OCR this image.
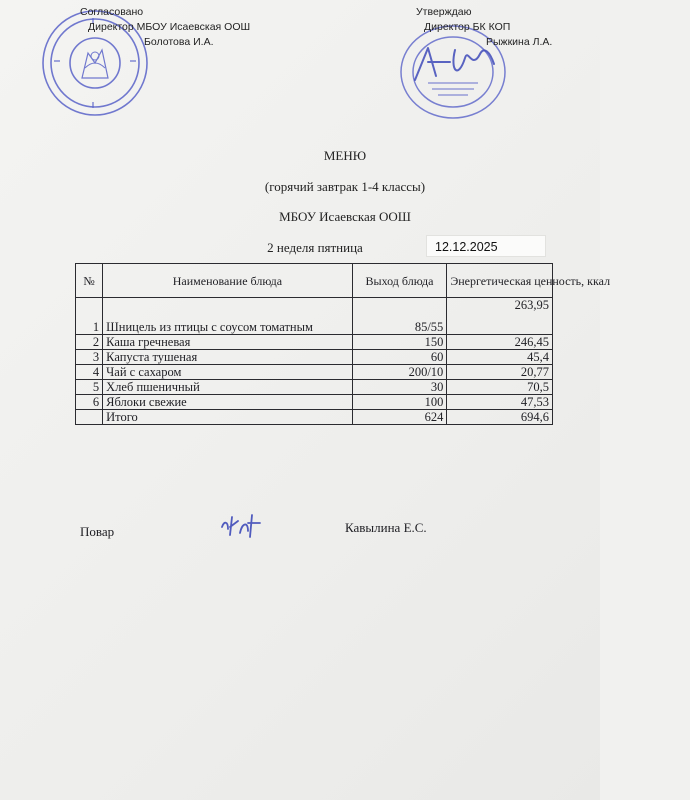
Согласовано
Директор МБОУ Исаевская ООШ
Болотова И.А.
Утверждаю
Директор БК КОП
Рыжкина Л.А.
МЕНЮ
(горячий завтрак 1-4 классы)
МБОУ Исаевская ООШ
2 неделя пятница	12.12.2025
№	Наименование блюда	Выход блюда	Энергетическая ценность, ккал
1	Шницель из птицы с соусом томатным	85/55	263,95
2	Каша гречневая	150	246,45
3	Капуста тушеная	60	45,4
4	Чай с сахаром	200/10	20,77
5	Хлеб пшеничный	30	70,5
6	Яблоки свежие	100	47,53
	Итого	624	694,6
Повар	Кавылина Е.С.
